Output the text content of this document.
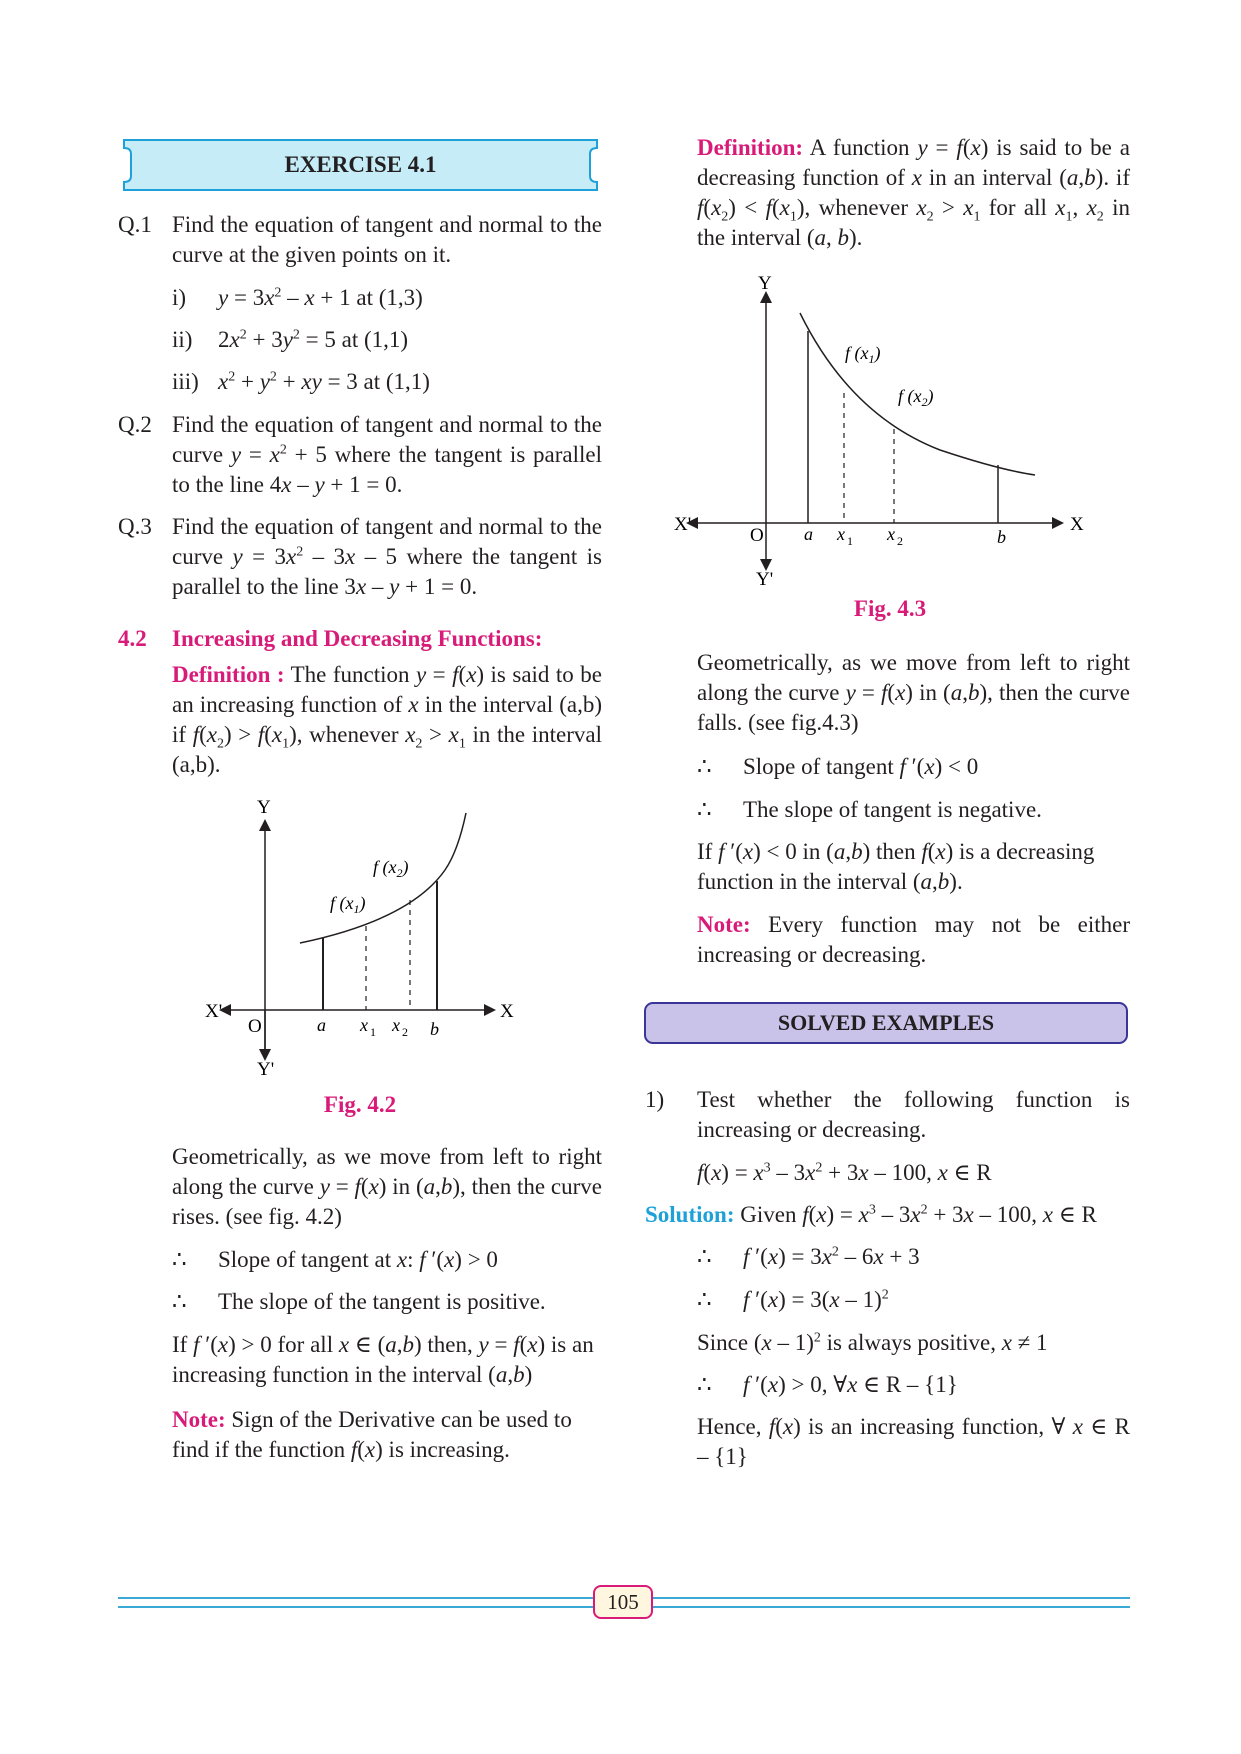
EXERCISE 4.1
Q.1 Find the equation of tangent and normal to the curve at the given points on it.
i) $y = 3x^2 - x + 1$ at (1,3)
ii) $2x^2 + 3y^2 = 5$ at (1,1)
iii) $x^2 + y^2$ + xy = 3 at (1,1)
Q.2 Find the equation of tangent and normal to the curve $y = x^2 + 5$ where the tangent is parallel to the line 4x – y + 1 = 0.
Q.3 Find the equation of tangent and normal to the curve $y = 3x^2 - 3x - 5$ where the tangent is parallel to the line 3x – y + 1 = 0.
4.2 Increasing and Decreasing Functions:
Definition : The function y = f(x) is said to be an increasing function of x in the interval (a,b) if $f(x_2) > f(x_1)$, whenever $x_2 > x_1$ in the interval (a,b).
Y
Y'
X
X'
O	a	b
x 1 x 2
f $(x_1)$
f $(x_2)$
Fig. 4.2
Geometrically, as we move from left to right along the curve y = f(x) in (a,b), then the curve rises. (see fig. 4.2)
∴ Slope of tangent at x: f ′(x) > 0
∴ The slope of the tangent is positive.
If f ′(x) > 0 for all x ∈ (a,b) then, y = f(x) is an increasing function in the interval (a,b)
Note: Sign of the Derivative can be used to find if the function f(x) is increasing.
Definition: A function y = f(x) is said to be a decreasing function of x in an interval (a,b). if $f(x_2) < f(x_1)$, whenever $x_2 > x_1$ for all $x_1$, $x_2$ in the interval (a, b).
Y
Y'
X
X'
O a	b
x 1 x 2
f $(x_1)$
f $(x_2)$
Fig. 4.3
Geometrically, as we move from left to right along the curve y = f(x) in (a,b), then the curve falls. (see fig.4.3)
∴ Slope of tangent f ′(x) < 0
∴ The slope of tangent is negative.
If f ′(x) < 0 in (a,b) then f(x) is a decreasing function in the interval (a,b).
Note: Every function may not be either increasing or decreasing.
SOLVED EXAMPLES
1) Test whether the following function is increasing or decreasing.
$f(x) = x^3 - 3x^2 + 3x - 100$, x ∈ R
Solution: Given $f(x) = x^3 - 3x^2 + 3x - 100$, x ∈ R
∴ f $'(x) = 3x^2 - 6x + 3$
∴ f ′(x) = 3(x – 1)$^2$
Since (x – 1)$^2$ is always positive, x ≠ 1
∴ f ′(x) > 0, ∀x ∈ R – {1}
Hence, f(x) is an increasing function, ∀ x ∈ R – {1}
105
